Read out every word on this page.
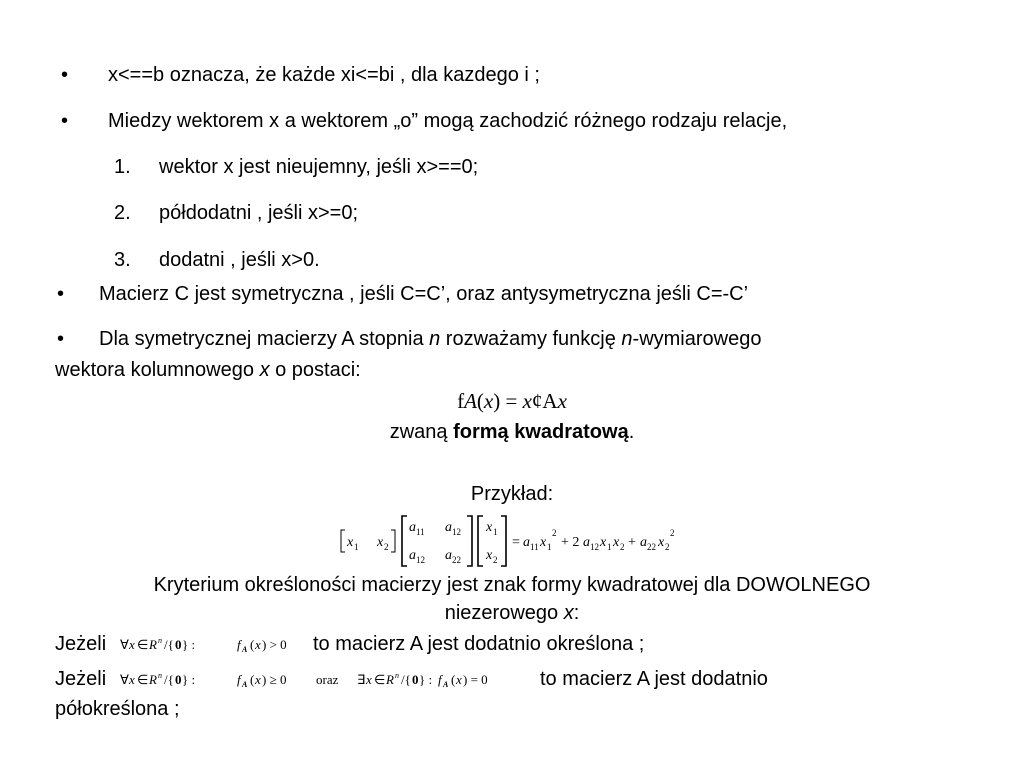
• x<==b oznacza, że każde xi<=bi , dla kazdego i ;
• Miedzy wektorem x a wektorem „o” mogą zachodzić różnego rodzaju relacje,
1. wektor x jest nieujemny, jeśli x>==0;
2. półdodatni , jeśli x>=0;
3. dodatni , jeśli x>0.
• Macierz C jest symetryczna , jeśli C=C’, oraz antysymetryczna jeśli C=-C’
• Dla symetrycznej macierzy A stopnia n rozważamy funkcję n-wymiarowego
wektora kolumnowego x o postaci:
fA(x) = x¢Ax
zwaną formą kwadratową.
Przykład:
x 1 x 2
a 11 a 12
a 12 a 22
x 1
x 2
= a 11 x 1
2
+ 2 a 12 x 1 x 2 + a 22 x 2
2
Kryterium określoności macierzy jest znak formy kwadratowej dla DOWOLNEGO
niezerowego x:
Jeżeli ∀ x ∈ R n /{ 0 } :	f A ( x ) > 0 to macierz A jest dodatnio określona ;
Jeżeli ∀ x ∈ R n /{ 0 } :	f A ( x ) ≥ 0 oraz ∃ x ∈ R n /{ 0 } : f A ( x ) = 0	to macierz A jest dodatnio
półokreślona ;
